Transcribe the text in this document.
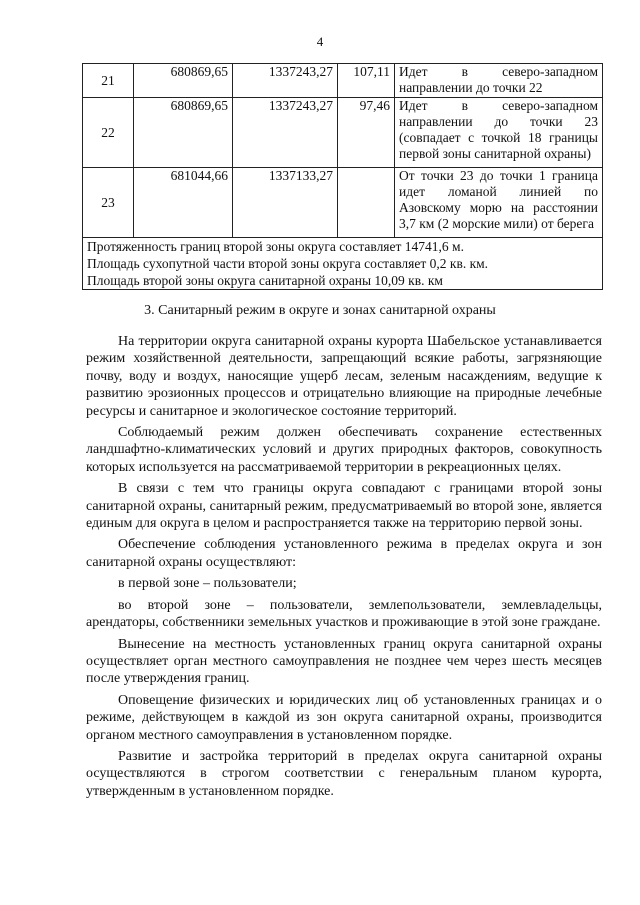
4
21	680869,65	1337243,27	107,11	Идет в северо-западном направлении до точки 22
22	680869,65	1337243,27	97,46	Идет в северо-западном направлении до точки 23 (совпадает с точкой 18 границы первой зоны санитарной охраны)
23	681044,66	1337133,27		От точки 23 до точки 1 граница идет ломаной линией по Азовскому морю на расстоянии 3,7 км (2 морские мили) от берега

Протяженность границ второй зоны округа составляет 14741,6 м.
Площадь сухопутной части второй зоны округа составляет 0,2 кв. км.
Площадь второй зоны округа санитарной охраны 10,09 кв. км				
3. Санитарный режим в округе и зонах санитарной охраны

На территории округа санитарной охраны курорта Шабельское устанавливается режим хозяйственной деятельности, запрещающий всякие работы, загрязняющие почву, воду и воздух, наносящие ущерб лесам, зеленым насаждениям, ведущие к развитию эрозионных процессов и отрицательно влияющие на природные лечебные ресурсы и санитарное и экологическое состояние территорий.

Соблюдаемый режим должен обеспечивать сохранение естественных ландшафтно-климатических условий и других природных факторов, совокупность которых используется на рассматриваемой территории в рекреационных целях.

В связи с тем что границы округа совпадают с границами второй зоны санитарной охраны, санитарный режим, предусматриваемый во второй зоне, является единым для округа в целом и распространяется также на территорию первой зоны.

Обеспечение соблюдения установленного режима в пределах округа и зон санитарной охраны осуществляют:

в первой зоне – пользователи;

во второй зоне – пользователи, землепользователи, землевладельцы, арендаторы, собственники земельных участков и проживающие в этой зоне граждане.

Вынесение на местность установленных границ округа санитарной охраны осуществляет орган местного самоуправления не позднее чем через шесть месяцев после утверждения границ.

Оповещение физических и юридических лиц об установленных границах и о режиме, действующем в каждой из зон округа санитарной охраны, производится органом местного самоуправления в установленном порядке.

Развитие и застройка территорий в пределах округа санитарной охраны осуществляются в строгом соответствии с генеральным планом курорта, утвержденным в установленном порядке.
